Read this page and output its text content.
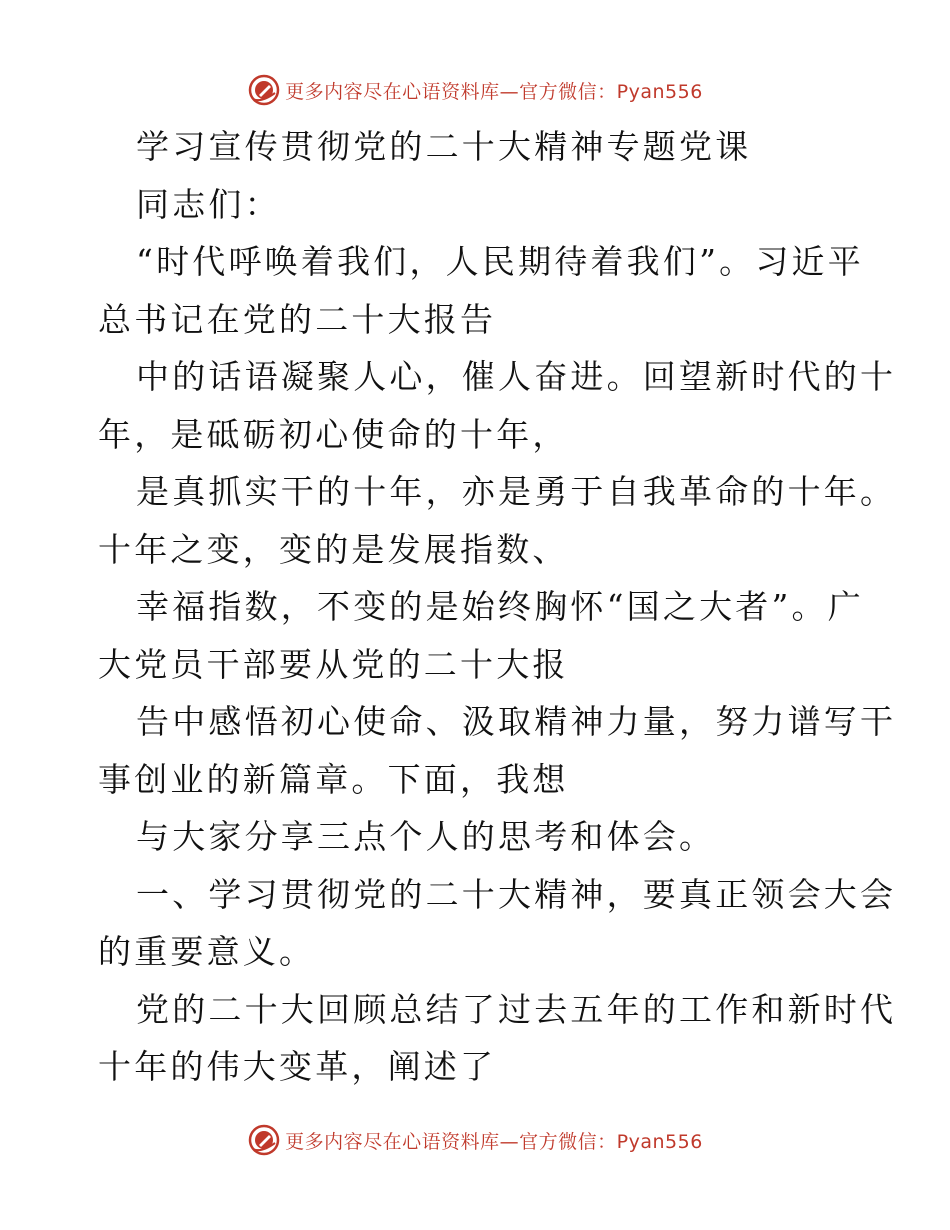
更多内容尽在心语资料库—官方微信：Pyan556
学习宣传贯彻党的二十大精神专题党课
同志们：
“时代呼唤着我们，人民期待着我们”。习近平
总书记在党的二十大报告
中的话语凝聚人心，催人奋进。回望新时代的十
年，是砥砺初心使命的十年，
是真抓实干的十年，亦是勇于自我革命的十年。
十年之变，变的是发展指数、
幸福指数，不变的是始终胸怀“国之大者”。广
大党员干部要从党的二十大报
告中感悟初心使命、汲取精神力量，努力谱写干
事创业的新篇章。下面，我想
与大家分享三点个人的思考和体会。
一、学习贯彻党的二十大精神，要真正领会大会
的重要意义。
党的二十大回顾总结了过去五年的工作和新时代
十年的伟大变革，阐述了
更多内容尽在心语资料库—官方微信：Pyan556
